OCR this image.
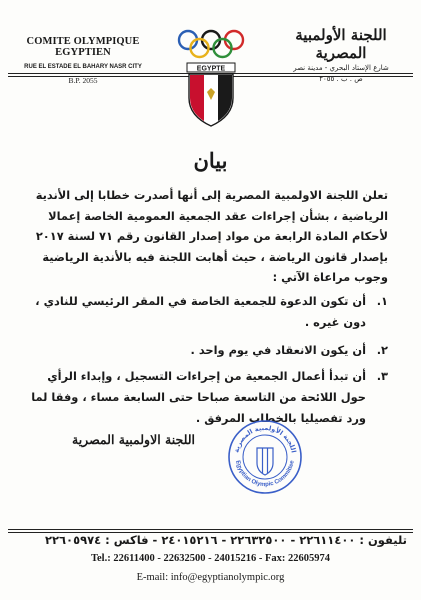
COMITE OLYMPIQUE EGYPTIEN
RUE EL ESTADE EL BAHARY NASR CITY
B.P. 2055
اللجنة الأولمبية المصرية
شارع الإستاد البحري - مدينة نصر
ص . ب . ٢٠٥٥
EGYPTE
بيان
تعلن اللجنة الاولمبية المصرية إلى أنها أصدرت خطابا إلى الأندية
الرياضية ، بشأن إجراءات عقد الجمعية العمومية الخاصة إعمالا
لأحكام المادة الرابعة من مواد إصدار القانون رقم ٧١ لسنة ٢٠١٧
بإصدار قانون الرياضة ، حيث أهابت اللجنة فيه بالأندية الرياضية
وجوب مراعاة الآتي :
١.
أن تكون الدعوة للجمعية الخاصة في المقر الرئيسي للنادي ،
دون غيره .
٢.
أن يكون الانعقاد في يوم واحد .
٣.
أن تبدأ أعمال الجمعية من إجراءات التسجيل ، وإبداء الرأي
حول اللائحة من التاسعة صباحا حتى السابعة مساء ، وفقا لما
ورد تفصيليا بالخطاب المرفق .
اللجنة الاولمبية المصرية
اللجنة الأولمبية المصرية
Egyptian Olympic Committee
تليفون : ٢٢٦١١٤٠٠ - ٢٢٦٣٢٥٠٠ - ٢٤٠١٥٢١٦ - فاكس : ٢٢٦٠٥٩٧٤
Tel.: 22611400 - 22632500 - 24015216 - Fax: 22605974
E-mail: info@egyptianolympic.org
